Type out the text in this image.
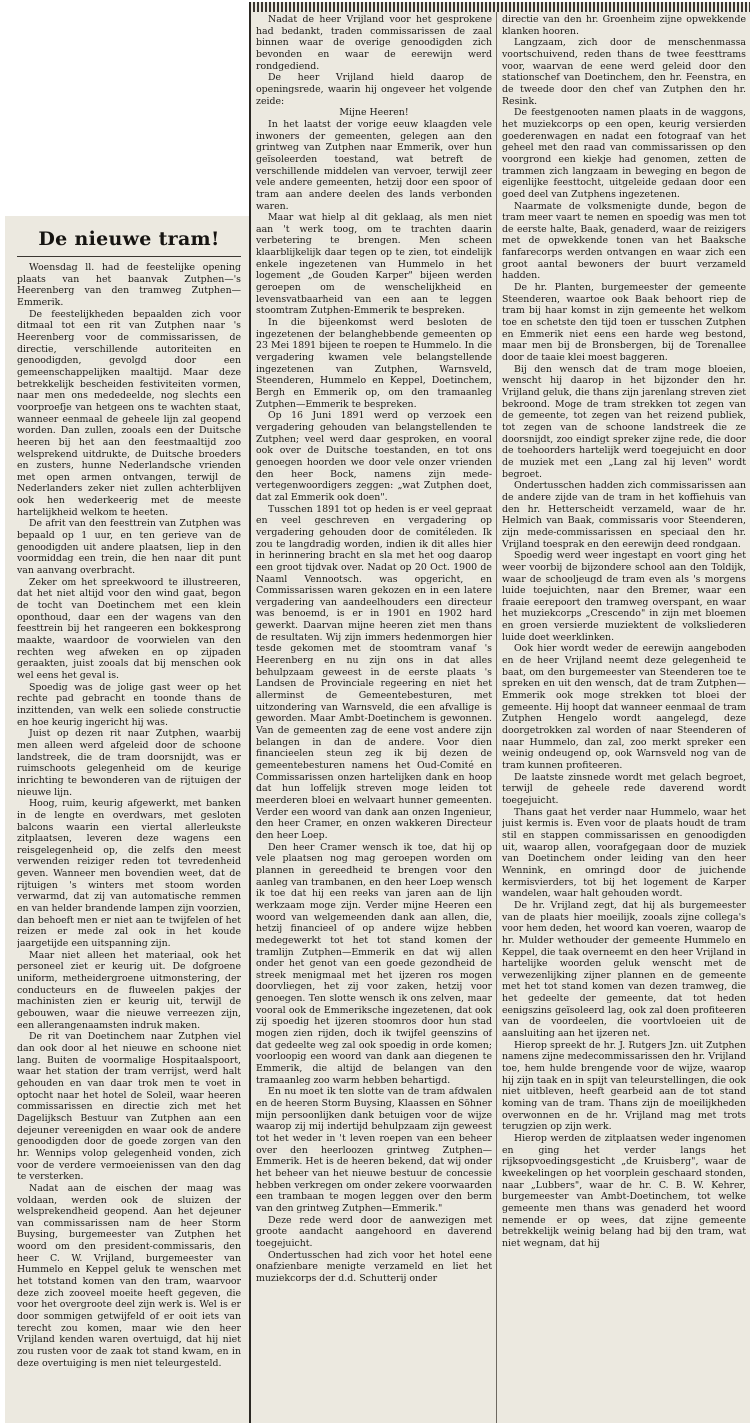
De nieuwe tram!

Woensdag ll. had de feestelijke opening plaats van het baanvak Zutphen—'s Heerenberg van den tramweg Zutphen—Emmerik.

De feestelijkheden bepaalden zich voor ditmaal tot een rit van Zutphen naar 's Heerenberg voor de commissarissen, de directie, verschillende autoriteiten en genoodigden, gevolgd door een gemeenschappelijken maaltijd. Maar deze betrekkelijk bescheiden festiviteiten vormen, naar men ons mededeelde, nog slechts een voorproefje van hetgeen ons te wachten staat, wanneer eenmaal de geheele lijn zal geopend worden. Dan zullen, zooals een der Duitsche heeren bij het aan den feestmaaltijd zoo welsprekend uitdrukte, de Duitsche broeders en zusters, hunne Nederlandsche vrienden met open armen ontvangen, terwijl de Nederlanders zeker niet zullen achterblijven ook hen wederkeerig met de meeste hartelijkheid welkom te heeten.

De afrit van den feesttrein van Zutphen was bepaald op 1 uur, en ten gerieve van de genoodigden uit andere plaatsen, liep in den voormiddag een trein, die hen naar dit punt van aanvang overbracht.

Zeker om het spreekwoord te illustreeren, dat het niet altijd voor den wind gaat, begon de tocht van Doetinchem met een klein oponthoud, daar een der wagens van den feesttrein bij het rangeeren een bokkesprong maakte, waardoor de voorwielen van den rechten weg afweken en op zijpaden geraakten, juist zooals dat bij menschen ook wel eens het geval is.

Spoedig was de jolige gast weer op het rechte pad gebracht en toonde thans de inzittenden, van welk een soliede constructie en hoe keurig ingericht hij was.

Juist op dezen rit naar Zutphen, waarbij men alleen werd afgeleid door de schoone landstreek, die de tram doorsnijdt, was er ruimschoots gelegenheid om de keurige inrichting te bewonderen van de rijtuigen der nieuwe lijn.

Hoog, ruim, keurig afgewerkt, met banken in de lengte en overdwars, met gesloten balcons waarin een viertal allerleukste zitplaatsen, leveren deze wagens een reisgelegenheid op, die zelfs den meest verwenden reiziger reden tot tevredenheid geven. Wanneer men bovendien weet, dat de rijtuigen 's winters met stoom worden verwarmd, dat zij van automatische remmen en van helder brandende lampen zijn voorzien, dan behoeft men er niet aan te twijfelen of het reizen er mede zal ook in het koude jaargetijde een uitspanning zijn.

Maar niet alleen het materiaal, ook het personeel ziet er keurig uit. De dofgroene uniform, metheidergroene uitmonstering, der conducteurs en de fluweelen pakjes der machinisten zien er keurig uit, terwijl de gebouwen, waar die nieuwe verreezen zijn, een allerangenaamsten indruk maken.

De rit van Doetinchem naar Zutphen viel dan ook door al het nieuwe en schoone niet lang. Buiten de voormalige Hospitaalspoort, waar het station der tram verrijst, werd halt gehouden en van daar trok men te voet in optocht naar het hotel de Soleil, waar heeren commissarissen en directie zich met het Dagelijksch Bestuur van Zutphen aan een dejeuner vereenigden en waar ook de andere genoodigden door de goede zorgen van den hr. Wennips volop gelegenheid vonden, zich voor de verdere vermoeienissen van den dag te versterken.

Nadat aan de eischen der maag was voldaan, werden ook de sluizen der welsprekendheid geopend. Aan het dejeuner van commissarissen nam de heer Storm Buysing, burgemeester van Zutphen het woord om den president-commissaris, den heer C. W. Vrijland, burgemeester van Hummelo en Keppel geluk te wenschen met het totstand komen van den tram, waarvoor deze zich zooveel moeite heeft gegeven, die voor het overgroote deel zijn werk is. Wel is er door sommigen getwijfeld of er ooit iets van terecht zou komen, maar wie den heer Vrijland kenden waren overtuigd, dat hij niet zou rusten voor de zaak tot stand kwam, en in deze overtuiging is men niet teleurgesteld.

Nadat de heer Vrijland voor het gesprokene had bedankt, traden commissarissen de zaal binnen waar de overige genoodigden zich bevonden en waar de eerewijn werd rondgediend.

De heer Vrijland hield daarop de openingsrede, waarin hij ongeveer het volgende zeide:

Mijne Heeren!

In het laatst der vorige eeuw klaagden vele inwoners der gemeenten, gelegen aan den grintweg van Zutphen naar Emmerik, over hun geïsoleerden toestand, wat betreft de verschillende middelen van vervoer, terwijl zeer vele andere gemeenten, hetzij door een spoor of tram aan andere deelen des lands verbonden waren.

Maar wat hielp al dit geklaag, als men niet aan 't werk toog, om te trachten daarin verbetering te brengen. Men scheen klaarblijkelijk daar tegen op te zien, tot eindelijk enkele ingezetenen van Hummelo in het logement „de Gouden Karper" bijeen werden geroepen om de wenschelijkheid en levensvatbaarheid van een aan te leggen stoomtram Zutphen-Emmerik te bespreken.

In die bijeenkomst werd besloten de ingezetenen der belanghebbende gemeenten op 23 Mei 1891 bijeen te roepen te Hummelo. In die vergadering kwamen vele belangstellende ingezetenen van Zutphen, Warnsveld, Steenderen, Hummelo en Keppel, Doetinchem, Bergh en Emmerik op, om den tramaanleg Zutphen—Emmerik te bespreken.

Op 16 Juni 1891 werd op verzoek een vergadering gehouden van belangstellenden te Zutphen; veel werd daar gesproken, en vooral ook over de Duitsche toestanden, en tot ons genoegen hoorden we door vele onzer vrienden den heer Bock, namens zijn mede-vertegenwoordigers zeggen: „wat Zutphen doet, dat zal Emmerik ook doen".

Tusschen 1891 tot op heden is er veel gepraat en veel geschreven en vergadering op vergadering gehouden door de comitéleden. Ik zou te langdradig worden, indien ik dit alles hier in herinnering bracht en sla met het oog daarop een groot tijdvak over. Nadat op 20 Oct. 1900 de Naaml Vennootsch. was opgericht, en Commissarissen waren gekozen en in een latere vergadering van aandeelhouders een directeur was benoemd, is er in 1901 en 1902 hard gewerkt. Daarvan mijne heeren ziet men thans de resultaten. Wij zijn immers hedenmorgen hier tesde gekomen met de stoomtram vanaf 's Heerenberg en nu zijn ons in dat alles behulpzaam geweest in de eerste plaats 's Landsen de Provinciale regeering en niet het allerminst de Gemeentebesturen, met uitzondering van Warnsveld, die een afvallige is geworden. Maar Ambt-Doetinchem is gewonnen. Van de gemeenten zag de eene vost andere zijn belangen in dan de andere. Voor dien financieelen steun zeg ik bij dezen de gemeentebesturen namens het Oud-Comité en Commissarissen onzen hartelijken dank en hoop dat hun loffelijk streven moge leiden tot meerderen bloei en welvaart hunner gemeenten. Verder een woord van dank aan onzen Ingenieur, den heer Cramer, en onzen wakkeren Directeur den heer Loep.

Den heer Cramer wensch ik toe, dat hij op vele plaatsen nog mag geroepen worden om plannen in gereedheid te brengen voor den aanleg van trambanen, en den heer Loep wensch ik toe dat hij een reeks van jaren aan de lijn werkzaam moge zijn. Verder mijne Heeren een woord van welgemeenden dank aan allen, die, hetzij financieel of op andere wijze hebben medegewerkt tot het tot stand komen der tramlijn Zutphen—Emmerik en dat wij allen onder het genot van een goede gezondheid de streek menigmaal met het ijzeren ros mogen doorvliegen, het zij voor zaken, hetzij voor genoegen. Ten slotte wensch ik ons zelven, maar vooral ook de Emmeriksche ingezetenen, dat ook zij spoedig het ijzeren stoomros door hun stad mogen zien rijden, doch ik twijfel geenszins of dat gedeelte weg zal ook spoedig in orde komen; voorloopig een woord van dank aan diegenen te Emmerik, die altijd de belangen van den tramaanleg zoo warm hebben behartigd.

En nu moet ik ten slotte van de tram afdwalen en de heeren Storm Buysing, Klaassen en Söhner mijn persoonlijken dank betuigen voor de wijze waarop zij mij indertijd behulpzaam zijn geweest tot het weder in 't leven roepen van een beheer over den heerloozen grintweg Zutphen—Emmerik. Het is de heeren bekend, dat wij onder het beheer van het nieuwe bestuur de concessie hebben verkregen om onder zekere voorwaarden een trambaan te mogen leggen over den berm van den grintweg Zutphen—Emmerik."

Deze rede werd door de aanwezigen met groote aandacht aangehoord en daverend toegejuicht.

Ondertusschen had zich voor het hotel eene onafzienbare menigte verzameld en liet het muziekcorps der d.d. Schutterij onder

directie van den hr. Groenheim zijne opwekkende klanken hooren.

Langzaam, zich door de menschenmassa voortschuivend, reden thans de twee feesttrams voor, waarvan de eene werd geleid door den stationschef van Doetinchem, den hr. Feenstra, en de tweede door den chef van Zutphen den hr. Resink.

De feestgenooten namen plaats in de waggons, het muziekcorps op een open, keurig versierden goederenwagen en nadat een fotograaf van het geheel met den raad van commissarissen op den voorgrond een kiekje had genomen, zetten de trammen zich langzaam in beweging en begon de eigenlijke feesttocht, uitgeleide gedaan door een goed deel van Zutphens ingezetenen.

Naarmate de volksmenigte dunde, begon de tram meer vaart te nemen en spoedig was men tot de eerste halte, Baak, genaderd, waar de reizigers met de opwekkende tonen van het Baaksche fanfarecorps werden ontvangen en waar zich een groot aantal bewoners der buurt verzameld hadden.

De hr. Planten, burgemeester der gemeente Steenderen, waartoe ook Baak behoort riep de tram bij haar komst in zijn gemeente het welkom toe en schetste den tijd toen er tusschen Zutphen en Emmerik niet eens een harde weg bestond, maar men bij de Bronsbergen, bij de Torenallee door de taaie klei moest baggeren.

Bij den wensch dat de tram moge bloeien, wenscht hij daarop in het bijzonder den hr. Vrijland geluk, die thans zijn jarenlang streven ziet bekroond. Moge de tram strekken tot zegen van de gemeente, tot zegen van het reizend publiek, tot zegen van de schoone landstreek die ze doorsnijdt, zoo eindigt spreker zijne rede, die door de toehoorders hartelijk werd toegejuicht en door de muziek met een „Lang zal hij leven" wordt begroet.

Ondertusschen hadden zich commissarissen aan de andere zijde van de tram in het koffiehuis van den hr. Hetterscheidt verzameld, waar de hr. Helmich van Baak, commissaris voor Steenderen, zijn mede-commissarissen en speciaal den hr. Vrijland toesprak en den eerewijn deed rondgaan.

Spoedig werd weer ingestapt en voort ging het weer voorbij de bijzondere school aan den Toldijk, waar de schooljeugd de tram even als 's morgens luide toejuichten, naar den Bremer, waar een fraaie eerepoort den tramweg overspant, en waar het muziekcorps „Crescendo" in zijn met bloemen en groen versierde muziektent de volksliederen luide doet weerklinken.

Ook hier wordt weder de eerewijn aangeboden en de heer Vrijland neemt deze gelegenheid te baat, om den burgemeester van Steenderen toe te spreken en uit den wensch, dat de tram Zutphen—Emmerik ook moge strekken tot bloei der gemeente. Hij hoopt dat wanneer eenmaal de tram Zutphen Hengelo wordt aangelegd, deze doorgetrokken zal worden of naar Steenderen of naar Hummelo, dan zal, zoo merkt spreker een weinig ondeugend op, ook Warnsveld nog van de tram kunnen profiteeren.

De laatste zinsnede wordt met gelach begroet, terwijl de geheele rede daverend wordt toegejuicht.

Thans gaat het verder naar Hummelo, waar het juist kermis is. Even voor de plaats houdt de tram stil en stappen commissarissen en genoodigden uit, waarop allen, voorafgegaan door de muziek van Doetinchem onder leiding van den heer Wennink, en omringd door de juichende kermisvierders, tot bij het logement de Karper wandelen, waar halt gehouden wordt.

De hr. Vrijland zegt, dat hij als burgemeester van de plaats hier moeilijk, zooals zijne collega's voor hem deden, het woord kan voeren, waarop de hr. Mulder wethouder der gemeente Hummelo en Keppel, die taak overneemt en den heer Vrijland in hartelijke woorden geluk wenscht met de verwezenlijking zijner plannen en de gemeente met het tot stand komen van dezen tramweg, die het gedeelte der gemeente, dat tot heden eenigszins geïsoleerd lag, ook zal doen profiteeren van de voordeelen, die voortvloeien uit de aansluiting aan het ijzeren net.

Hierop spreekt de hr. J. Rutgers Jzn. uit Zutphen namens zijne medecommissarissen den hr. Vrijland toe, hem hulde brengende voor de wijze, waarop hij zijn taak en in spijt van teleurstellingen, die ook niet uitbleven, heeft gearbeid aan de tot stand koming van de tram. Thans zijn de moeilijkheden overwonnen en de hr. Vrijland mag met trots terugzien op zijn werk.

Hierop werden de zitplaatsen weder ingenomen en ging het verder langs het rijksopvoedingsgesticht „de Kruisberg", waar de kweekelingen op het voorplein geschaard stonden, naar „Lubbers", waar de hr. C. B. W. Kehrer, burgemeester van Ambt-Doetinchem, tot welke gemeente men thans was genaderd het woord nemende er op wees, dat zijne gemeente betrekkelijk weinig belang had bij den tram, wat niet wegnam, dat hij
